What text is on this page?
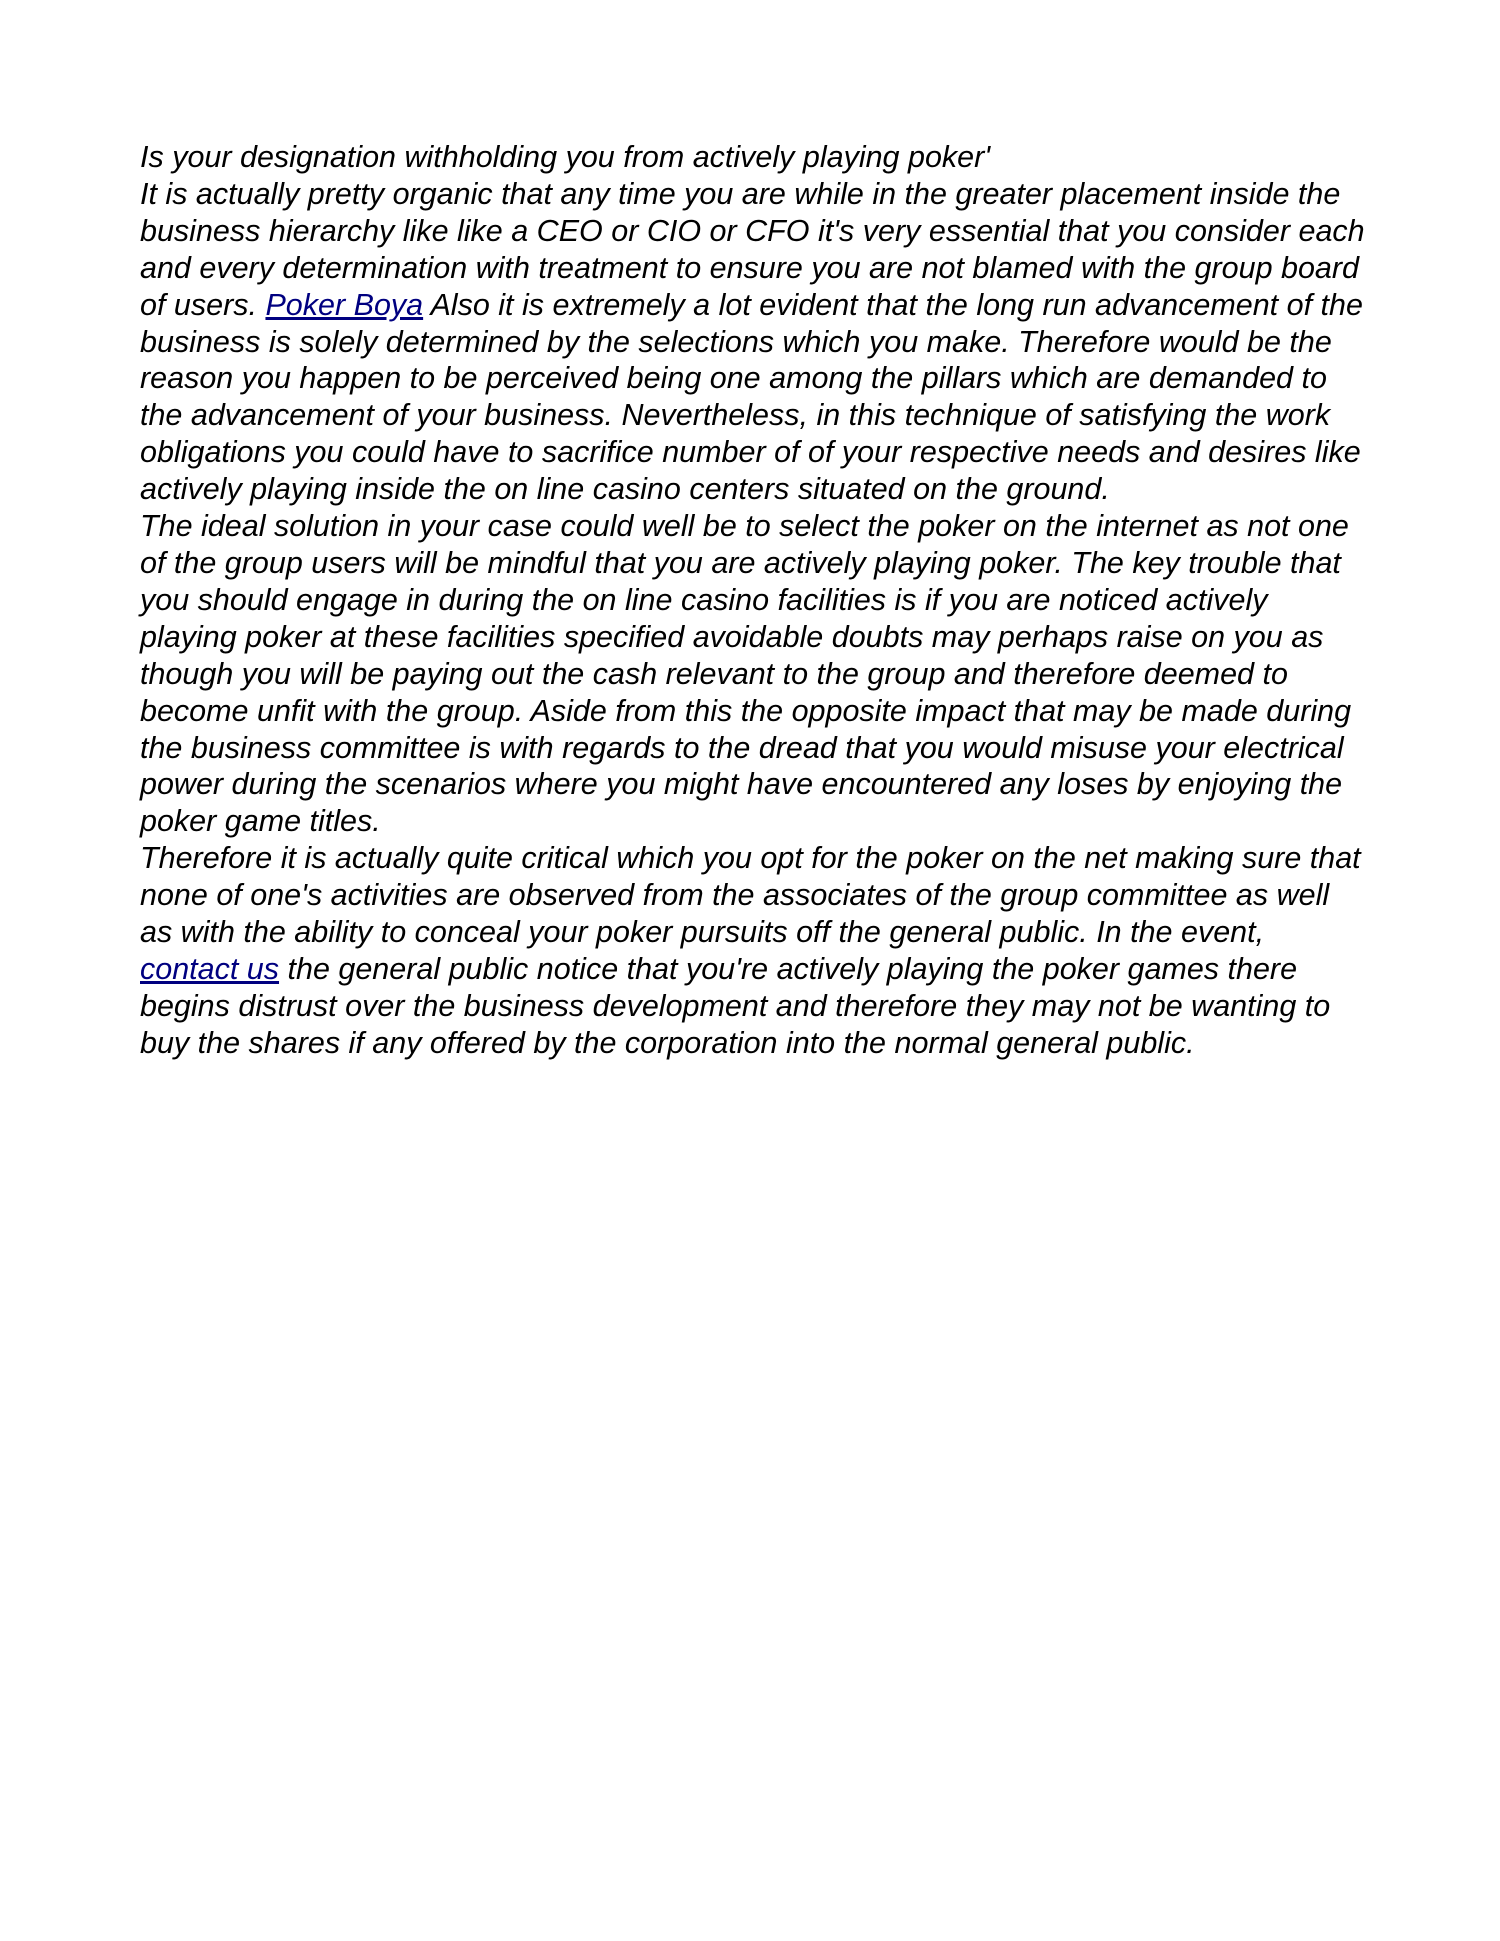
Is your designation withholding you from actively playing poker'

It is actually pretty organic that any time you are while in the greater placement inside the business hierarchy like like a CEO or CIO or CFO it's very essential that you consider each and every determination with treatment to ensure you are not blamed with the group board of users. Poker Boya Also it is extremely a lot evident that the long run advancement of the business is solely determined by the selections which you make. Therefore would be the reason you happen to be perceived being one among the pillars which are demanded to the advancement of your business. Nevertheless, in this technique of satisfying the work obligations you could have to sacrifice number of of your respective needs and desires like actively playing inside the on line casino centers situated on the ground.

The ideal solution in your case could well be to select the poker on the internet as not one of the group users will be mindful that you are actively playing poker. The key trouble that you should engage in during the on line casino facilities is if you are noticed actively playing poker at these facilities specified avoidable doubts may perhaps raise on you as though you will be paying out the cash relevant to the group and therefore deemed to become unfit with the group. Aside from this the opposite impact that may be made during the business committee is with regards to the dread that you would misuse your electrical power during the scenarios where you might have encountered any loses by enjoying the poker game titles.

Therefore it is actually quite critical which you opt for the poker on the net making sure that none of one's activities are observed from the associates of the group committee as well as with the ability to conceal your poker pursuits off the general public. In the event, contact us the general public notice that you're actively playing the poker games there begins distrust over the business development and therefore they may not be wanting to buy the shares if any offered by the corporation into the normal general public.
